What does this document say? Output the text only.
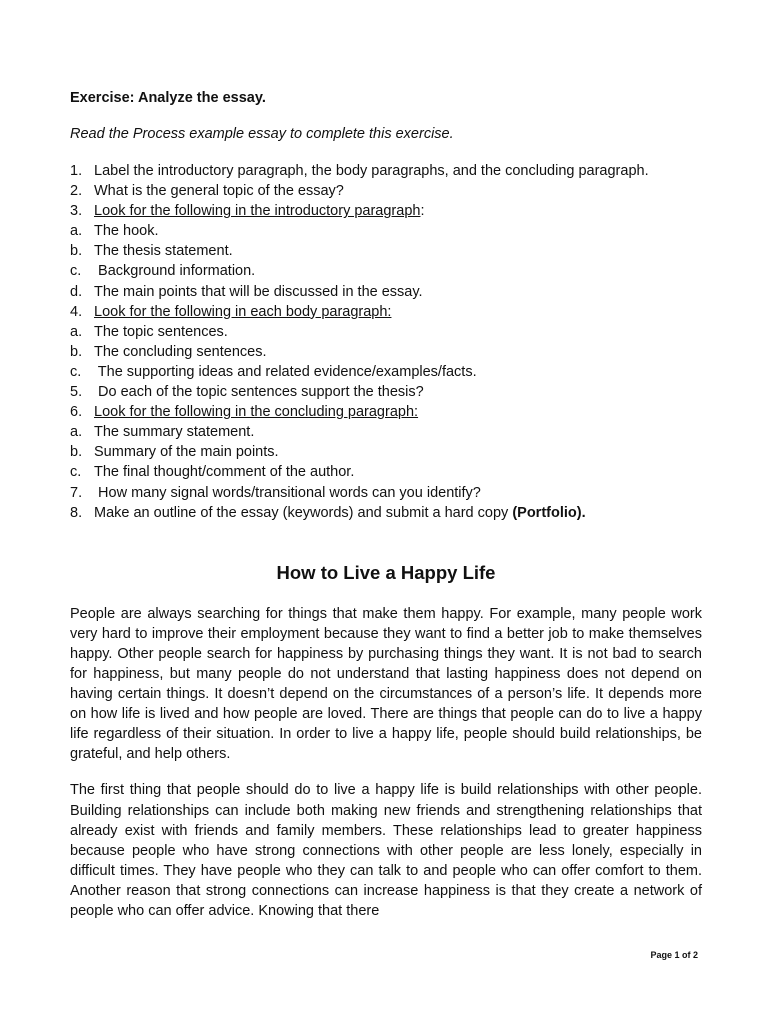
Exercise: Analyze the essay.

Read the Process example essay to complete this exercise.

1. Label the introductory paragraph, the body paragraphs, and the concluding paragraph.
2. What is the general topic of the essay?
3. Look for the following in the introductory paragraph:
a. The hook.
b. The thesis statement.
c. Background information.
d. The main points that will be discussed in the essay.
4. Look for the following in each body paragraph:
a. The topic sentences.
b. The concluding sentences.
c. The supporting ideas and related evidence/examples/facts.
5. Do each of the topic sentences support the thesis?
6. Look for the following in the concluding paragraph:
a. The summary statement.
b. Summary of the main points.
c. The final thought/comment of the author.
7. How many signal words/transitional words can you identify?
8. Make an outline of the essay (keywords) and submit a hard copy (Portfolio).
How to Live a Happy Life

People are always searching for things that make them happy. For example, many people work very hard to improve their employment because they want to find a better job to make themselves happy. Other people search for happiness by purchasing things they want. It is not bad to search for happiness, but many people do not understand that lasting happiness does not depend on having certain things. It doesn’t depend on the circumstances of a person’s life. It depends more on how life is lived and how people are loved. There are things that people can do to live a happy life regardless of their situation. In order to live a happy life, people should build relationships, be grateful, and help others.

The first thing that people should do to live a happy life is build relationships with other people. Building relationships can include both making new friends and strengthening relationships that already exist with friends and family members. These relationships lead to greater happiness because people who have strong connections with other people are less lonely, especially in difficult times. They have people who they can talk to and people who can offer comfort to them. Another reason that strong connections can increase happiness is that they create a network of people who can offer advice. Knowing that there

Page 1 of 2
